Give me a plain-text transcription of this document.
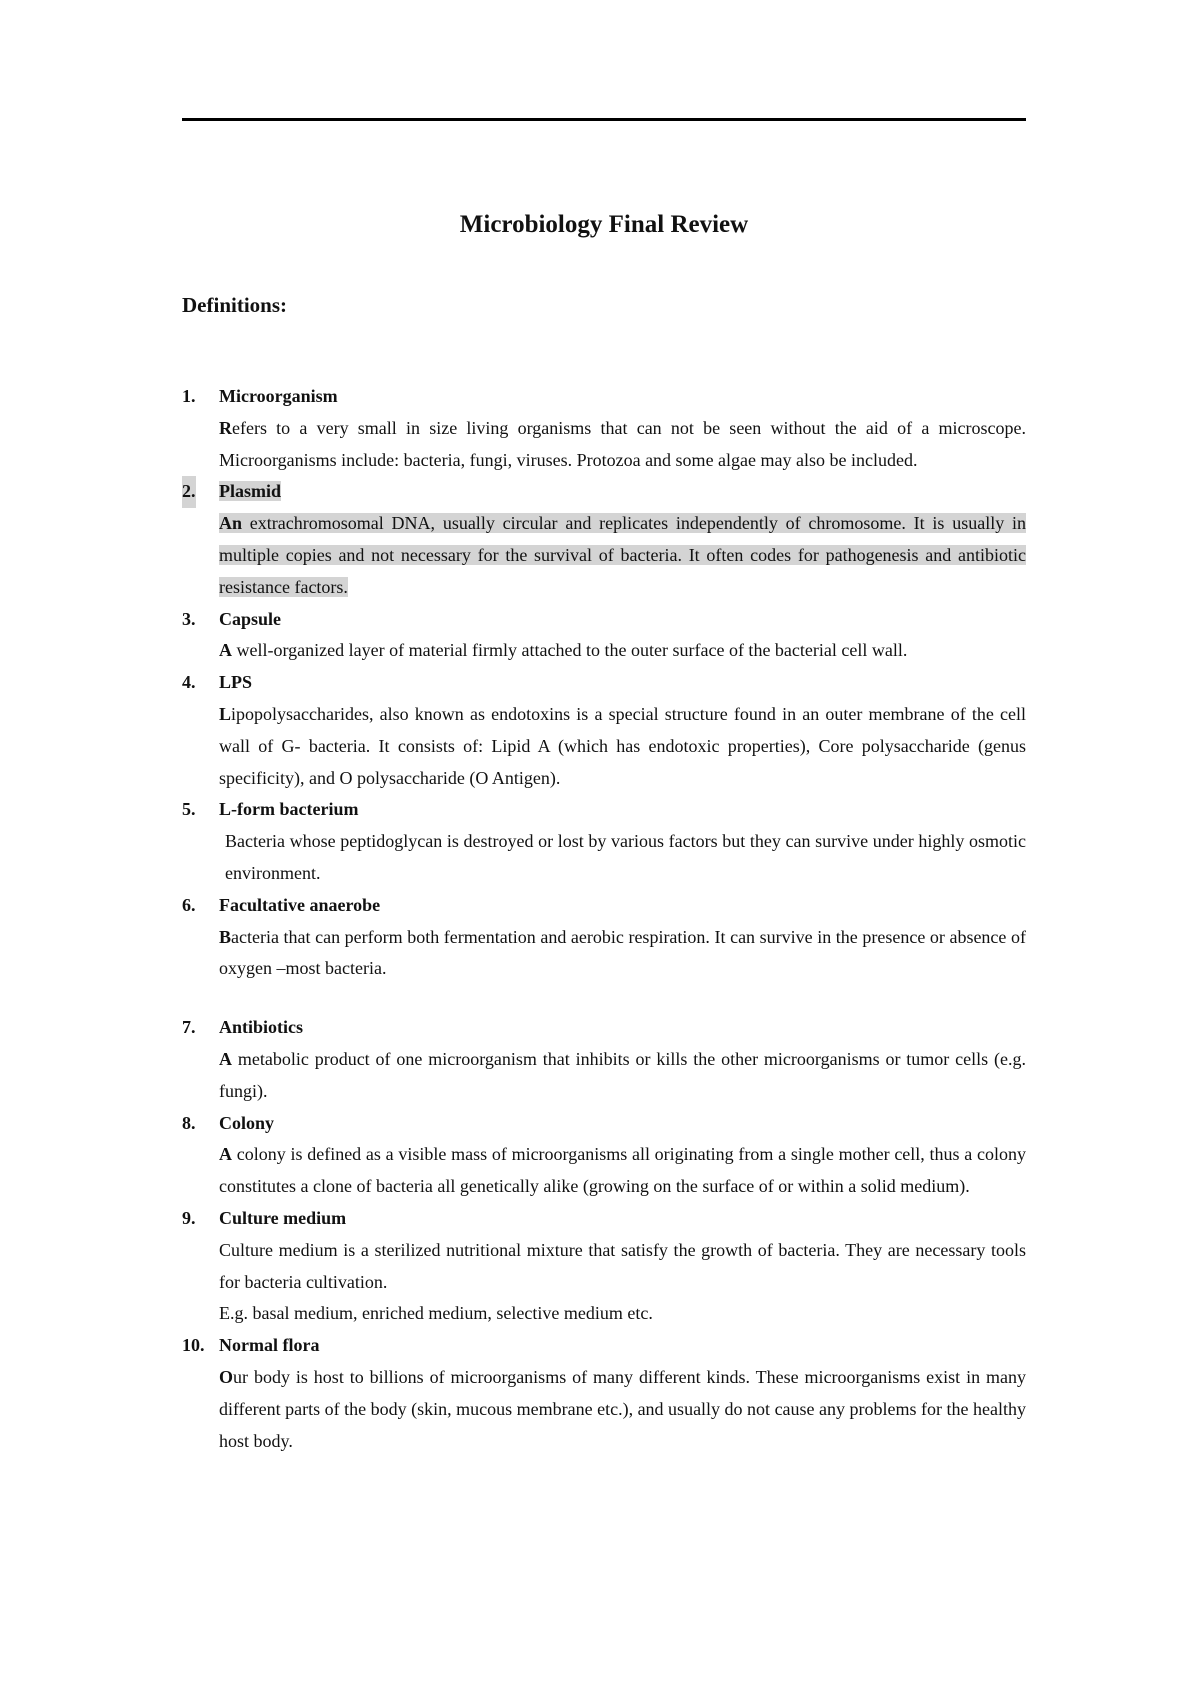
Microbiology Final Review
Definitions:
1. Microorganism
Refers to a very small in size living organisms that can not be seen without the aid of a microscope. Microorganisms include: bacteria, fungi, viruses. Protozoa and some algae may also be included.
2. Plasmid
An extrachromosomal DNA, usually circular and replicates independently of chromosome. It is usually in multiple copies and not necessary for the survival of bacteria. It often codes for pathogenesis and antibiotic resistance factors.
3. Capsule
A well-organized layer of material firmly attached to the outer surface of the bacterial cell wall.
4. LPS
Lipopolysaccharides, also known as endotoxins is a special structure found in an outer membrane of the cell wall of G- bacteria. It consists of: Lipid A (which has endotoxic properties), Core polysaccharide (genus specificity), and O polysaccharide (O Antigen).
5. L-form bacterium
Bacteria whose peptidoglycan is destroyed or lost by various factors but they can survive under highly osmotic environment.
6. Facultative anaerobe
Bacteria that can perform both fermentation and aerobic respiration. It can survive in the presence or absence of oxygen –most bacteria.
7. Antibiotics
A metabolic product of one microorganism that inhibits or kills the other microorganisms or tumor cells (e.g. fungi).
8. Colony
A colony is defined as a visible mass of microorganisms all originating from a single mother cell, thus a colony constitutes a clone of bacteria all genetically alike (growing on the surface of or within a solid medium).
9. Culture medium
Culture medium is a sterilized nutritional mixture that satisfy the growth of bacteria. They are necessary tools for bacteria cultivation.
E.g. basal medium, enriched medium, selective medium etc.
10. Normal flora
Our body is host to billions of microorganisms of many different kinds. These microorganisms exist in many different parts of the body (skin, mucous membrane etc.), and usually do not cause any problems for the healthy host body.
